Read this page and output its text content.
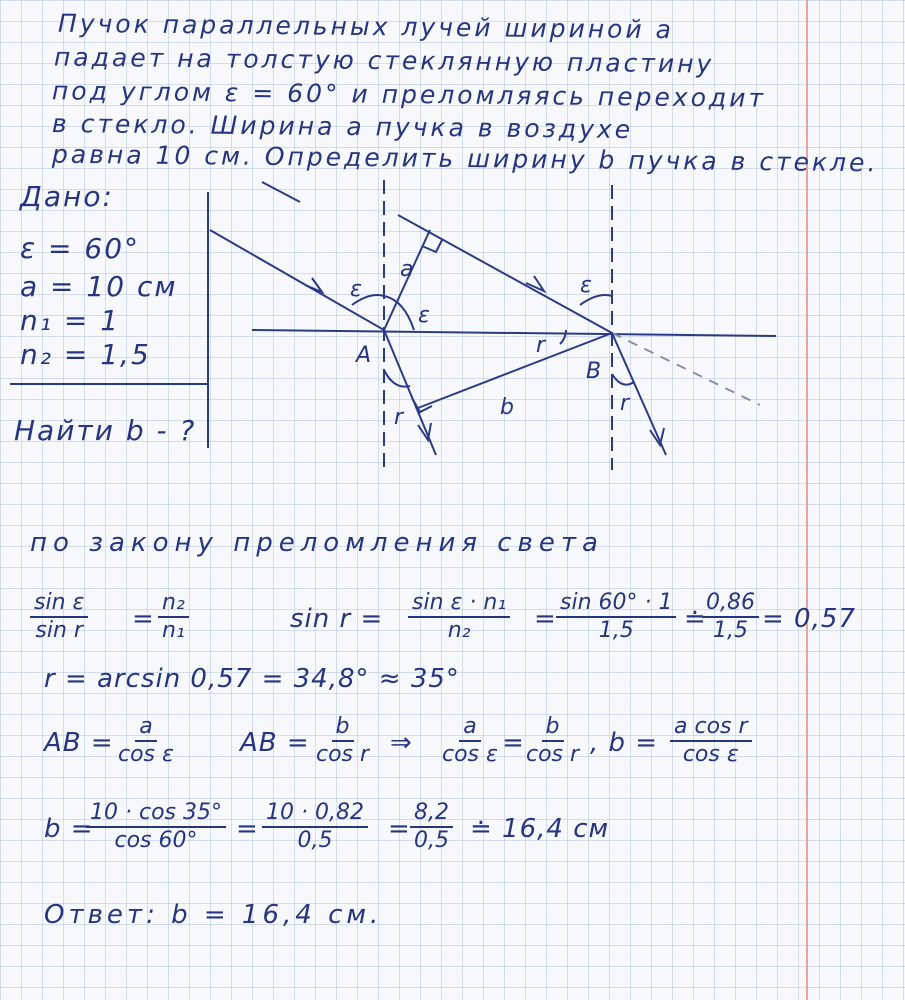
Пучок параллельных лучей шириной a
падает на толстую стеклянную пластину
под углом ε = 60° и преломляясь переходит
в стекло. Ширина a пучка в воздухе
равна 10 см. Определить ширину b пучка в стекле.
Дано:
ε = 60°
a = 10 см
n₁ = 1
n₂ = 1,5
Найти b - ?
ε
ε
ε
a
A
B
r
r
r
b
по закону преломления света
$\frac{\text{sin ε}}{\text{sin r}} = \frac{\text{n₂}}{\text{n₁}}$	$\sin r = \frac{\text{sin ε · n₁}}{\text{n₂}} = \frac{\sin 60^\circ \cdot 1}{1,5}$ ≐
$\frac{0,86}{1,5} = 0,57$
r = arcsin 0,57 = 34,8° ≈ 35°
AB = $\frac{a}{\text{cos ε}}$ AB = $\frac{b}{\text{cos r}}$ ⇒ $\frac{a}{\text{cos ε}}$ =
$\frac{b}{\text{cos r}}$ , $b = \frac{\text{a cos r}}{\text{cos ε}}$
b =
$\frac{10 \cdot \cos 35^\circ}{\cos 60^\circ} = \frac{10 \cdot 0,82}{0,5} = \frac{8,2}{0,5}$ ≐ 16,4 см
Ответ: b = 16,4 см.
